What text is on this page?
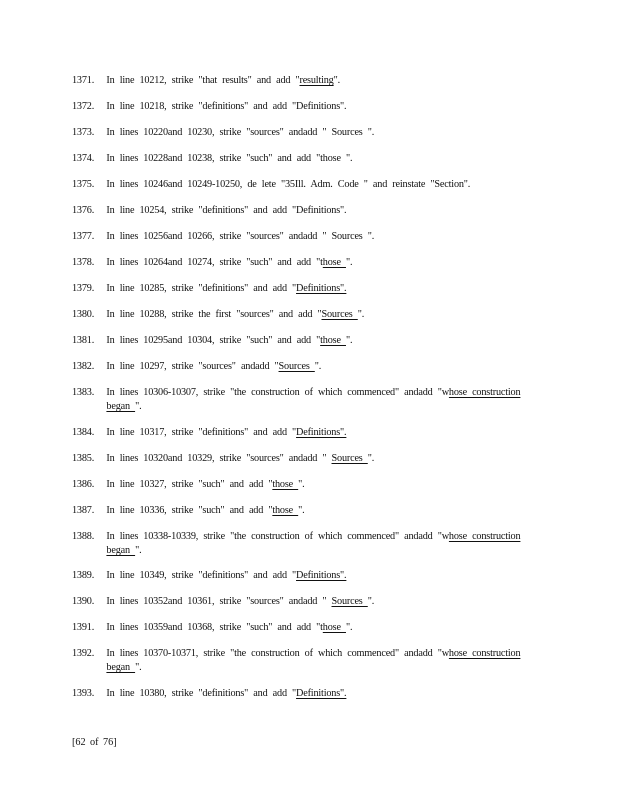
1371.	In line 10212, strike "that results" and add "resulting".
1372.	In line 10218, strike "definitions" and add "Definitions".
1373.	In lines 10220and 10230, strike "sources" andadd " Sources ".
1374.	In lines 10228and 10238, strike "such" and add "those ".
1375.	In lines 10246and 10249-10250, de lete "35Ill. Adm. Code " and reinstate "Section".
1376.	In line 10254, strike "definitions" and add "Definitions".
1377.	In lines 10256and 10266, strike "sources" andadd " Sources ".
1378.	In lines 10264and 10274, strike "such" and add "those ".
1379.	In line 10285, strike "definitions" and add "Definitions".
1380.	In line 10288, strike the first "sources" and add "Sources ".
1381.	In lines 10295and 10304, strike "such" and add "those ".
1382.	In line 10297, strike "sources" andadd "Sources ".
1383.	In lines 10306-10307, strike "the construction of which commenced" andadd "whose construction began ".
1384.	In line 10317, strike "definitions" and add "Definitions".
1385.	In lines 10320and 10329, strike "sources" andadd " Sources ".
1386.	In line 10327, strike "such" and add "those ".
1387.	In line 10336, strike "such" and add "those ".
1388.	In lines 10338-10339, strike "the construction of which commenced" andadd "whose construction began ".
1389.	In line 10349, strike "definitions" and add "Definitions".
1390.	In lines 10352and 10361, strike "sources" andadd " Sources ".
1391.	In lines 10359and 10368, strike "such" and add "those ".
1392.	In lines 10370-10371, strike "the construction of which commenced" andadd "whose construction began ".
1393.	In line 10380, strike "definitions" and add "Definitions".
[62 of 76]
